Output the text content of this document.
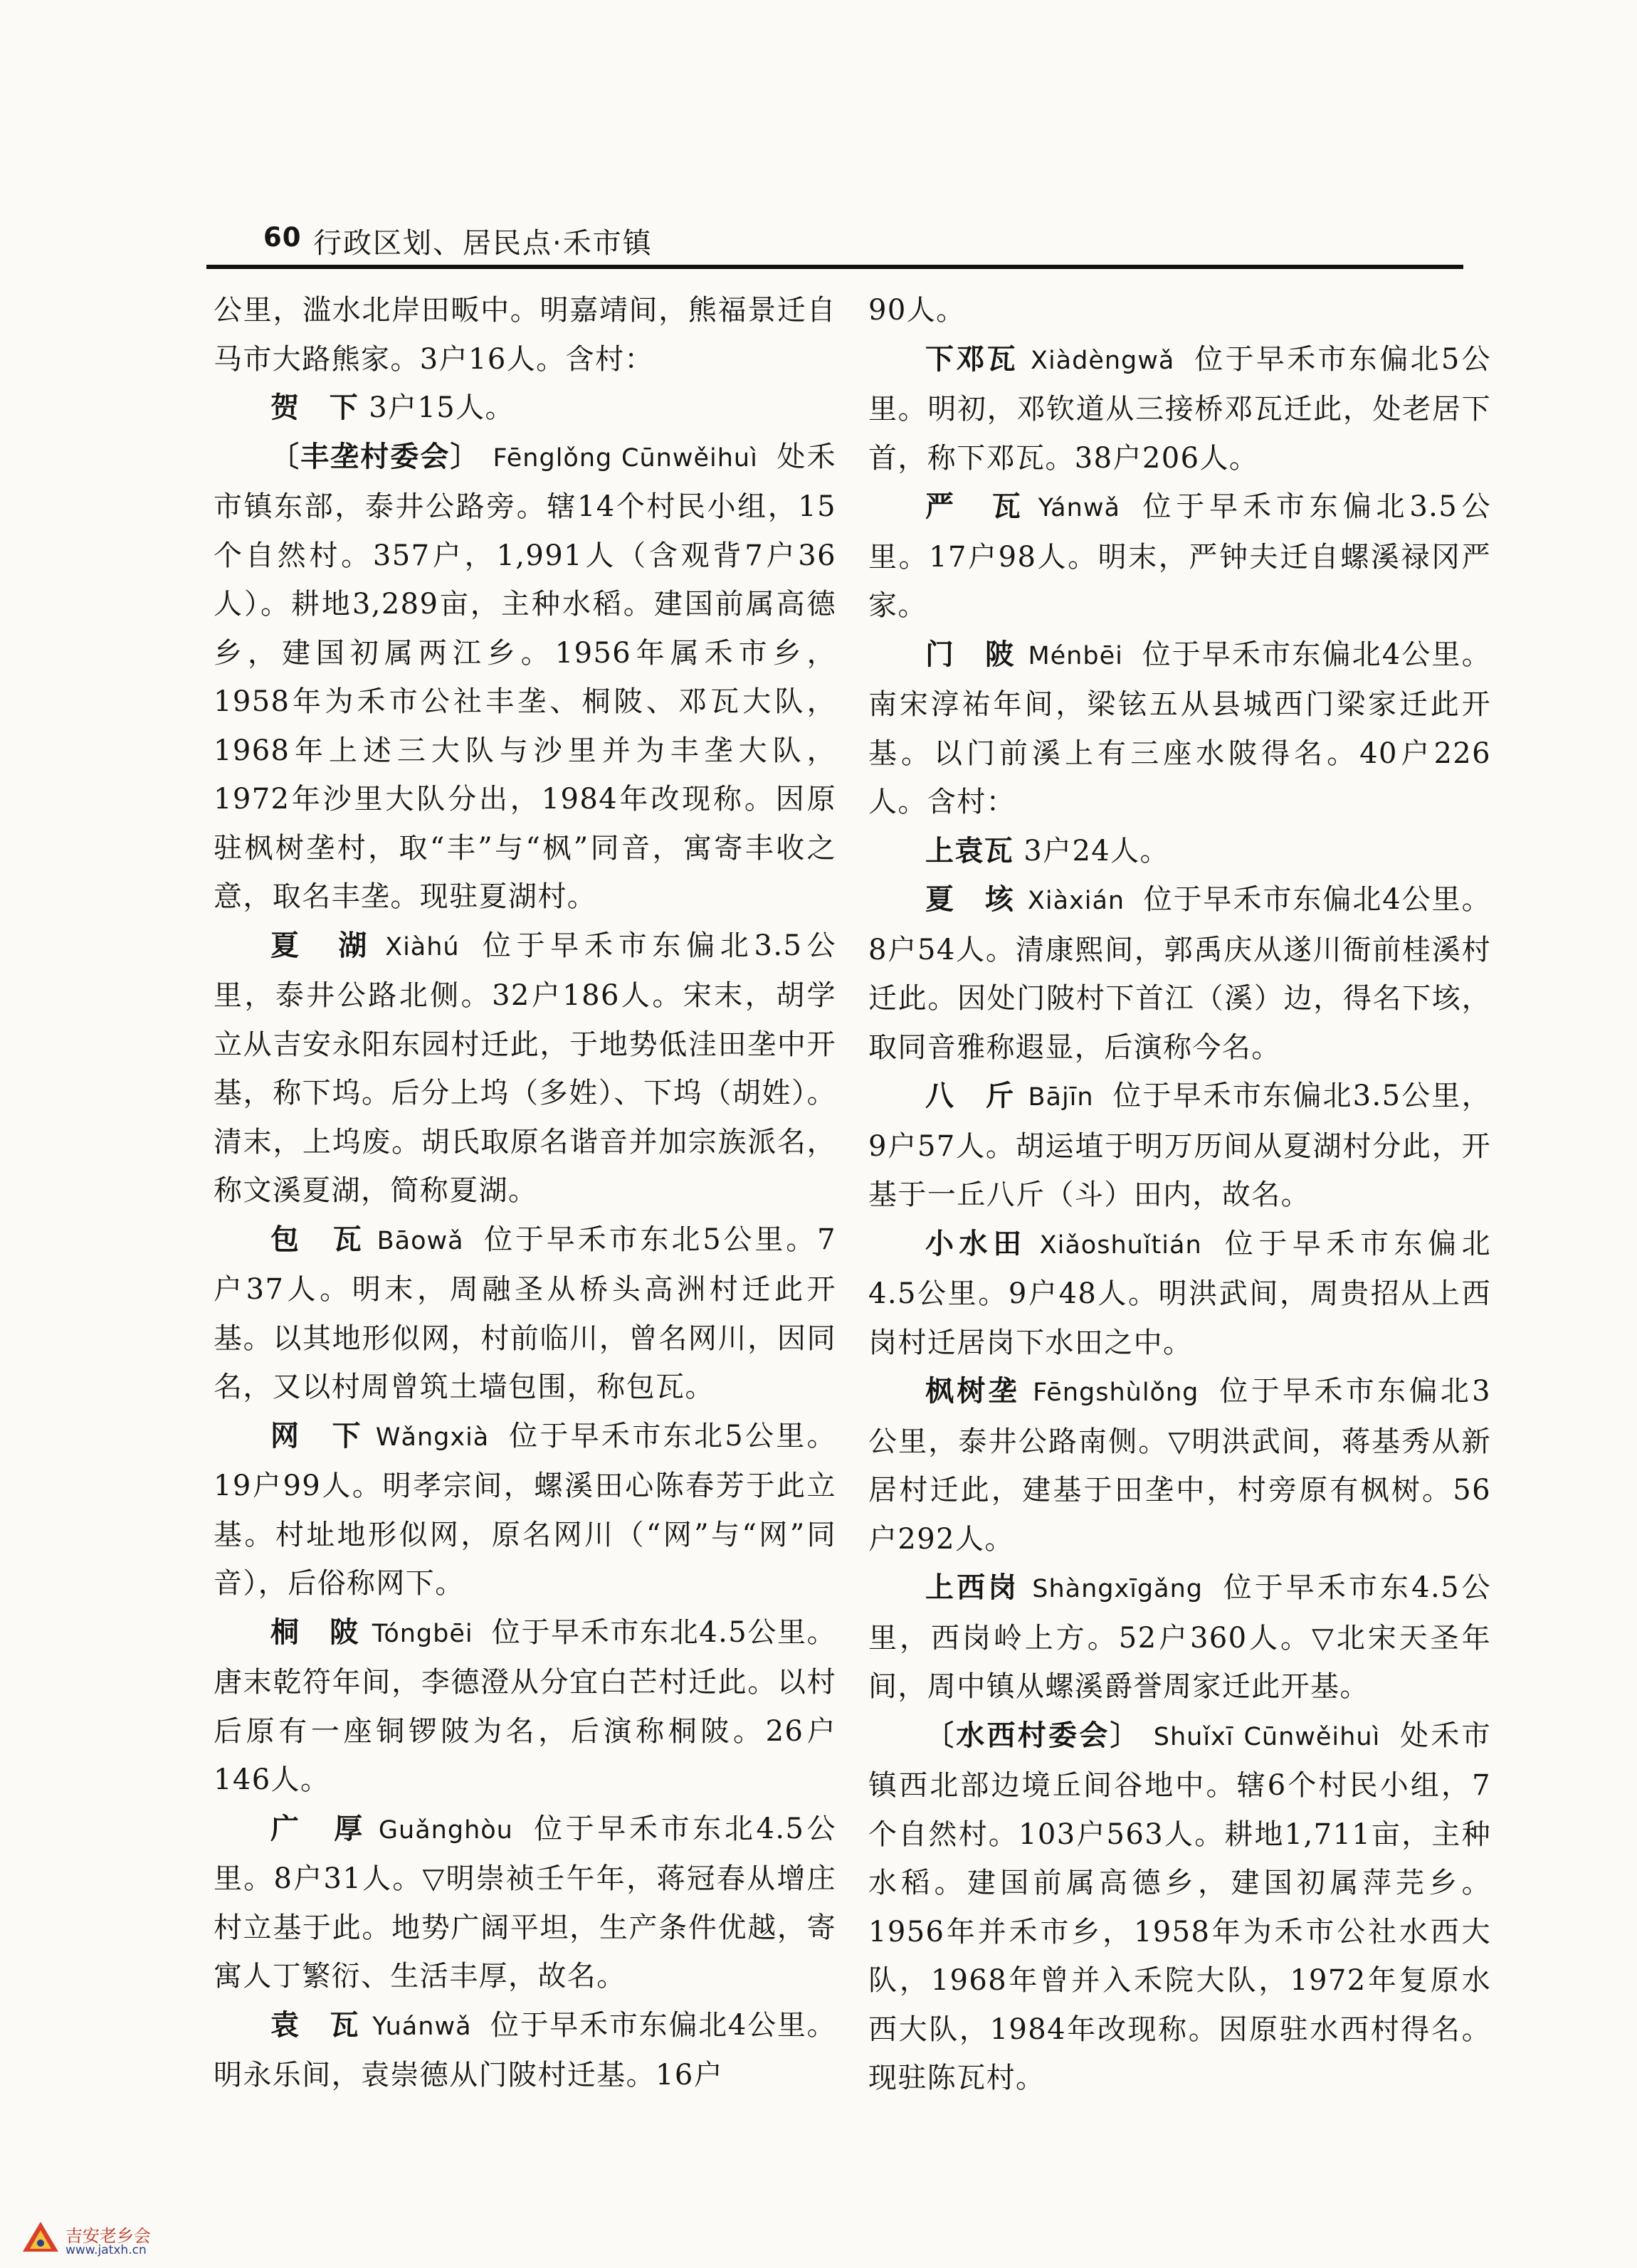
60 行政区划、居民点·禾市镇

公里，滥水北岸田畈中。明嘉靖间，熊福景迁自马市大路熊家。3户16人。含村：

贺　下 3户15人。

〔丰垄村委会〕 Fēnglǒng Cūnwěihuì 处禾市镇东部，泰井公路旁。辖14个村民小组，15个自然村。357户，1,991人（含观背7户36人）。耕地3,289亩，主种水稻。建国前属高德乡，建国初属两江乡。1956年属禾市乡，1958年为禾市公社丰垄、桐陂、邓瓦大队，1968年上述三大队与沙里并为丰垄大队，1972年沙里大队分出，1984年改现称。因原驻枫树垄村，取“丰”与“枫”同音，寓寄丰收之意，取名丰垄。现驻夏湖村。

夏　湖 Xiàhú 位于早禾市东偏北3.5公里，泰井公路北侧。32户186人。宋末，胡学立从吉安永阳东园村迁此，于地势低洼田垄中开基，称下坞。后分上坞（多姓）、下坞（胡姓）。清末，上坞废。胡氏取原名谐音并加宗族派名，称文溪夏湖，简称夏湖。

包　瓦 Bāowǎ 位于早禾市东北5公里。7户37人。明末，周融圣从桥头高洲村迁此开基。以其地形似网，村前临川，曾名网川，因同名，又以村周曾筑土墙包围，称包瓦。

网　下 Wǎngxià 位于早禾市东北5公里。19户99人。明孝宗间，螺溪田心陈春芳于此立基。村址地形似网，原名网川（“网”与“网”同音），后俗称网下。

桐　陂 Tóngbēi 位于早禾市东北4.5公里。唐末乾符年间，李德澄从分宜白芒村迁此。以村后原有一座铜锣陂为名，后演称桐陂。26户146人。

广　厚 Guǎnghòu 位于早禾市东北4.5公里。8户31人。▽明崇祯壬午年，蒋冠春从增庄村立基于此。地势广阔平坦，生产条件优越，寄寓人丁繁衍、生活丰厚，故名。

袁　瓦 Yuánwǎ 位于早禾市东偏北4公里。明永乐间，袁崇德从门陂村迁基。16户

90人。

下邓瓦 Xiàdèngwǎ 位于早禾市东偏北5公里。明初，邓钦道从三接桥邓瓦迁此，处老居下首，称下邓瓦。38户206人。

严　瓦 Yánwǎ 位于早禾市东偏北3.5公里。17户98人。明末，严钟夫迁自螺溪禄冈严家。

门　陂 Ménbēi 位于早禾市东偏北4公里。南宋淳祐年间，梁铉五从县城西门梁家迁此开基。以门前溪上有三座水陂得名。40户226人。含村：

上袁瓦 3户24人。

夏　垓 Xiàxián 位于早禾市东偏北4公里。8户54人。清康熙间，郭禹庆从遂川衙前桂溪村迁此。因处门陂村下首江（溪）边，得名下垓，取同音雅称遐显，后演称今名。

八　斤 Bājīn 位于早禾市东偏北3.5公里，9户57人。胡运埴于明万历间从夏湖村分此，开基于一丘八斤（斗）田内，故名。

小水田 Xiǎoshuǐtián 位于早禾市东偏北4.5公里。9户48人。明洪武间，周贵招从上西岗村迁居岗下水田之中。

枫树垄 Fēngshùlǒng 位于早禾市东偏北3公里，泰井公路南侧。▽明洪武间，蒋基秀从新居村迁此，建基于田垄中，村旁原有枫树。56户292人。

上西岗 Shàngxīgǎng 位于早禾市东4.5公里，西岗岭上方。52户360人。▽北宋天圣年间，周中镇从螺溪爵誉周家迁此开基。

〔水西村委会〕 Shuǐxī Cūnwěihuì 处禾市镇西北部边境丘间谷地中。辖6个村民小组，7个自然村。103户563人。耕地1,711亩，主种水稻。建国前属高德乡，建国初属萍芫乡。1956年并禾市乡，1958年为禾市公社水西大队，1968年曾并入禾院大队，1972年复原水西大队，1984年改现称。因原驻水西村得名。现驻陈瓦村。

吉安老乡会
www.jatxh.cn
